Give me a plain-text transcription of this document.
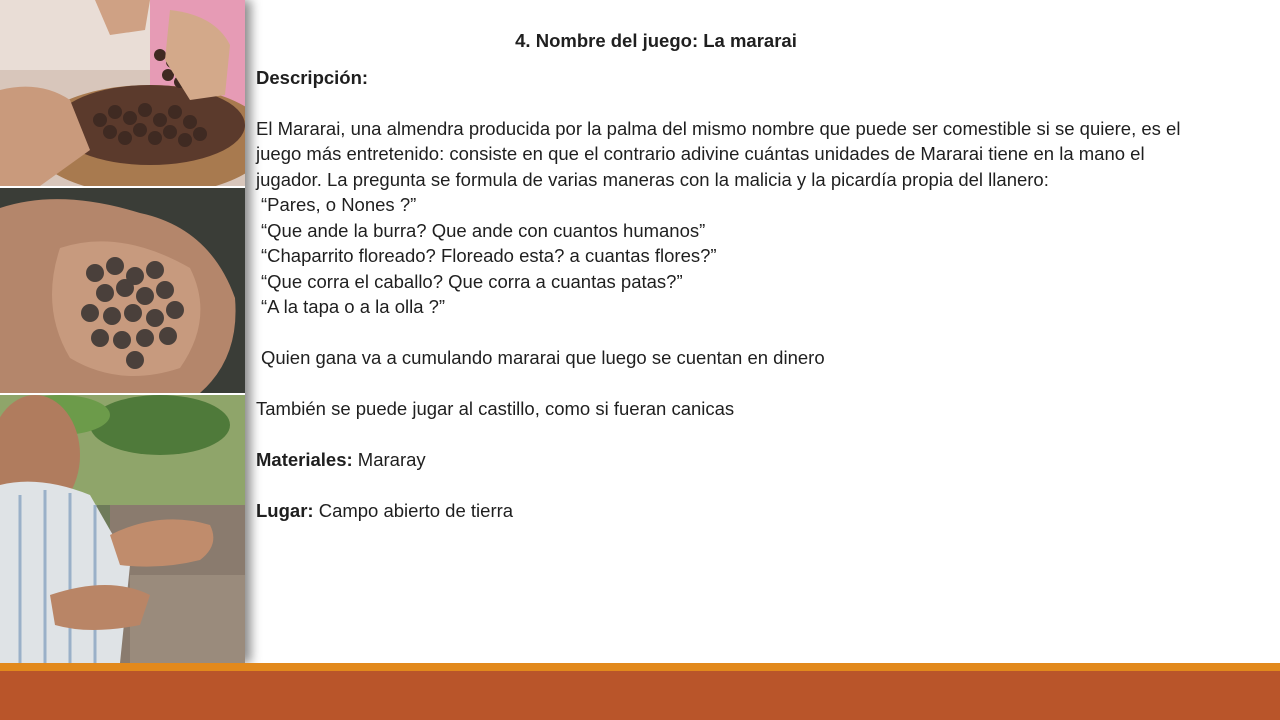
4. Nombre del juego: La mararai

Descripción:

El Mararai, una almendra producida por la palma del mismo nombre que puede ser comestible si se quiere, es el juego más entretenido: consiste en que el contrario adivine cuántas unidades de Mararai tiene en la mano el jugador. La pregunta se formula de varias maneras con la malicia y la picardía propia del llanero:

“Pares, o Nones ?”

“Que ande la burra? Que ande con cuantos humanos”

“Chaparrito floreado? Floreado esta? a cuantas flores?”

“Que corra el caballo? Que corra a cuantas patas?”

“A la tapa o a la olla ?”

Quien gana va a cumulando mararai que luego se cuentan en dinero

También se puede jugar al castillo, como si fueran canicas

Materiales: Mararay

Lugar: Campo abierto de tierra
